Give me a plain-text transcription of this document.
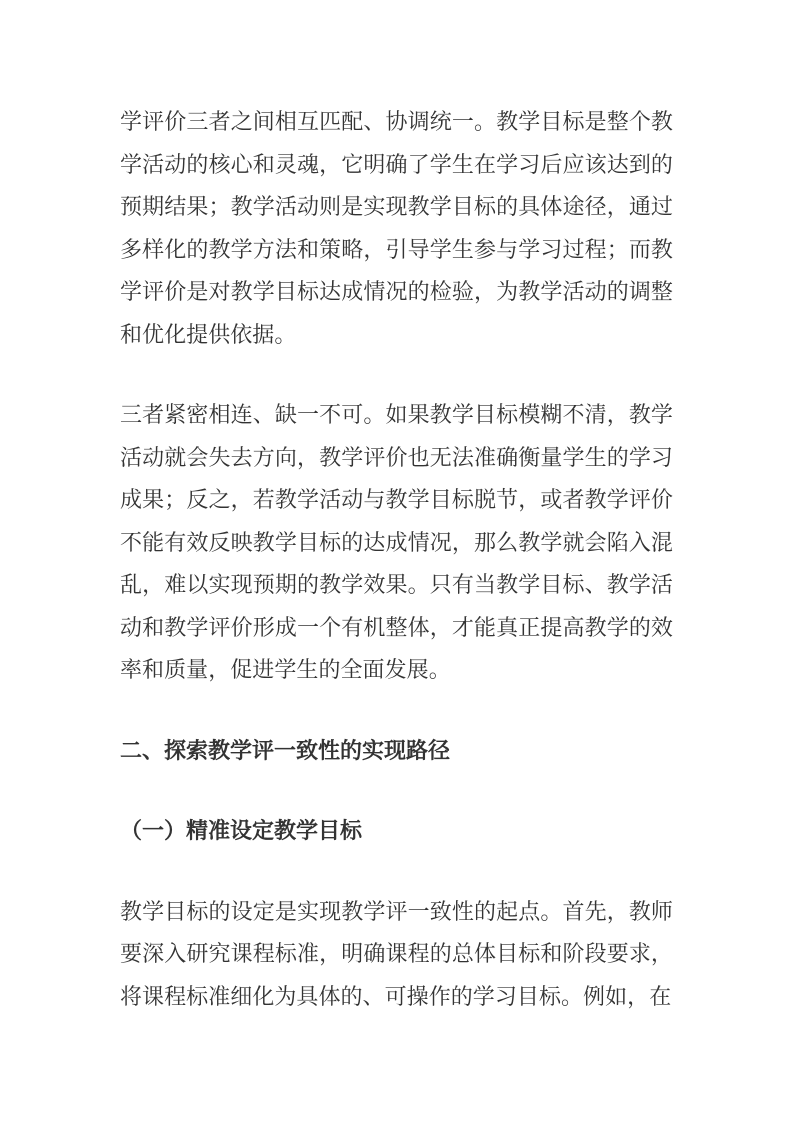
学评价三者之间相互匹配、协调统一。教学目标是整个教学活动的核心和灵魂，它明确了学生在学习后应该达到的预期结果；教学活动则是实现教学目标的具体途径，通过多样化的教学方法和策略，引导学生参与学习过程；而教学评价是对教学目标达成情况的检验，为教学活动的调整和优化提供依据。

三者紧密相连、缺一不可。如果教学目标模糊不清，教学活动就会失去方向，教学评价也无法准确衡量学生的学习成果；反之，若教学活动与教学目标脱节，或者教学评价不能有效反映教学目标的达成情况，那么教学就会陷入混乱，难以实现预期的教学效果。只有当教学目标、教学活动和教学评价形成一个有机整体，才能真正提高教学的效率和质量，促进学生的全面发展。

二、探索教学评一致性的实现路径
（一）精准设定教学目标

教学目标的设定是实现教学评一致性的起点。首先，教师要深入研究课程标准，明确课程的总体目标和阶段要求，将课程标准细化为具体的、可操作的学习目标。例如，在
